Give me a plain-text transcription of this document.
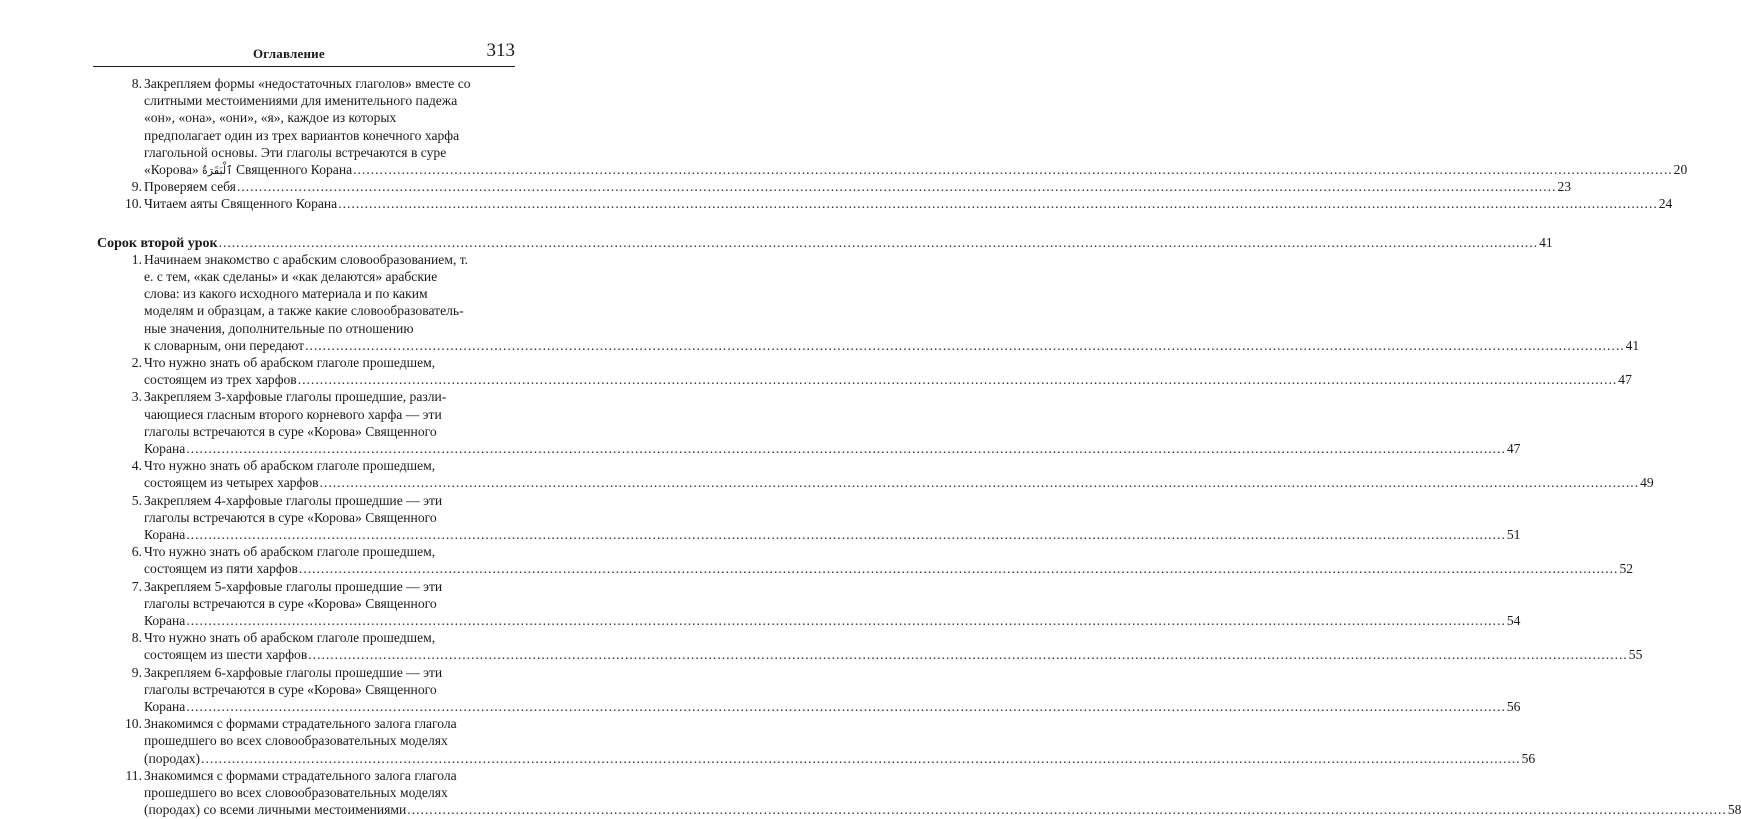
Оглавление	313
8. Закрепляем формы «недостаточных глаголов» вместе со
слитными местоимениями для именительного падежа
«он», «она», «они», «я», каждое из которых
предполагает один из трех вариантов конечного харфа
глагольной основы. Эти глаголы встречаются в суре
«Корова» ٱلْبَقَرَةُ Священного Корана ............................................................................................................................................................................................................................................................................................................ 20
9. Проверяем себя ............................................................................................................................................................................................................................................................................................................ 23
10. Читаем аяты Священного Корана ............................................................................................................................................................................................................................................................................................................ 24
Сорок второй урок ............................................................................................................................................................................................................................................................................................................ 41
1. Начинаем знакомство с арабским словообразованием, т.
е. с тем, «как сделаны» и «как делаются» арабские
слова: из какого исходного материала и по каким
моделям и образцам, а также какие словообразователь-
ные значения, дополнительные по отношению
к словарным, они передают ............................................................................................................................................................................................................................................................................................................ 41
2. Что нужно знать об арабском глаголе прошедшем,
состоящем из трех харфов ............................................................................................................................................................................................................................................................................................................ 47
3. Закрепляем 3-харфовые глаголы прошедшие, разли-
чающиеся гласным второго корневого харфа — эти
глаголы встречаются в суре «Корова» Священного
Корана ............................................................................................................................................................................................................................................................................................................ 47
4. Что нужно знать об арабском глаголе прошедшем,
состоящем из четырех харфов ............................................................................................................................................................................................................................................................................................................ 49
5. Закрепляем 4-харфовые глаголы прошедшие — эти
глаголы встречаются в суре «Корова» Священного
Корана ............................................................................................................................................................................................................................................................................................................ 51
6. Что нужно знать об арабском глаголе прошедшем,
состоящем из пяти харфов ............................................................................................................................................................................................................................................................................................................ 52
7. Закрепляем 5-харфовые глаголы прошедшие — эти
глаголы встречаются в суре «Корова» Священного
Корана ............................................................................................................................................................................................................................................................................................................ 54
8. Что нужно знать об арабском глаголе прошедшем,
состоящем из шести харфов ............................................................................................................................................................................................................................................................................................................ 55
9. Закрепляем 6-харфовые глаголы прошедшие — эти
глаголы встречаются в суре «Корова» Священного
Корана ............................................................................................................................................................................................................................................................................................................ 56
10. Знакомимся с формами страдательного залога глагола
прошедшего во всех словообразовательных моделях
(породах) ............................................................................................................................................................................................................................................................................................................ 56
11. Знакомимся с формами страдательного залога глагола
прошедшего во всех словообразовательных моделях
(породах) со всеми личными местоимениями ............................................................................................................................................................................................................................................................................................................ 58
